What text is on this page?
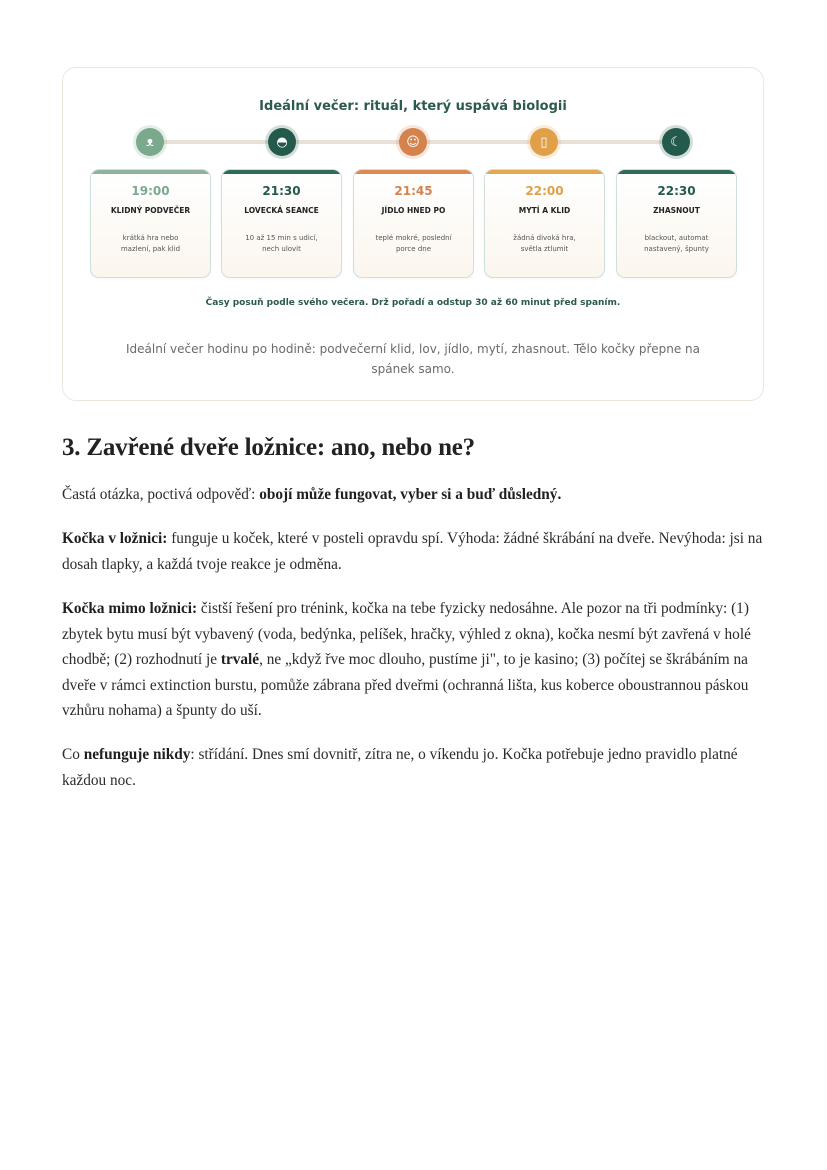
Ideální večer: rituál, který uspává biologii
ᴥ	◓	☺	▯	☾
19:00
KLIDNÝ PODVEČER
krátká hra nebo mazlení, pak klid
21:30
LOVECKÁ SEANCE
10 až 15 min s udicí, nech ulovit
21:45
JÍDLO HNED PO
teplé mokré, poslední porce dne
22:00
MYTÍ A KLID
žádná divoká hra, světla ztlumit
22:30
ZHASNOUT
blackout, automat nastavený, špunty
Časy posuň podle svého večera. Drž pořadí a odstup 30 až 60 minut před spaním.
Ideální večer hodinu po hodině: podvečerní klid, lov, jídlo, mytí, zhasnout. Tělo kočky přepne na spánek samo.
3. Zavřené dveře ložnice: ano, nebo ne?

Častá otázka, poctivá odpověď: obojí může fungovat, vyber si a buď důsledný.

Kočka v ložnici: funguje u koček, které v posteli opravdu spí. Výhoda: žádné škrábání na dveře. Nevýhoda: jsi na dosah tlapky, a každá tvoje reakce je odměna.

Kočka mimo ložnici: čistší řešení pro trénink, kočka na tebe fyzicky nedosáhne. Ale pozor na tři podmínky: (1) zbytek bytu musí být vybavený (voda, bedýnka, pelíšek, hračky, výhled z okna), kočka nesmí být zavřená v holé chodbě; (2) rozhodnutí je trvalé, ne „když řve moc dlouho, pustíme ji", to je kasino; (3) počítej se škrábáním na dveře v rámci extinction burstu, pomůže zábrana před dveřmi (ochranná lišta, kus koberce oboustrannou páskou vzhůru nohama) a špunty do uší.

Co nefunguje nikdy: střídání. Dnes smí dovnitř, zítra ne, o víkendu jo. Kočka potřebuje jedno pravidlo platné každou noc.
